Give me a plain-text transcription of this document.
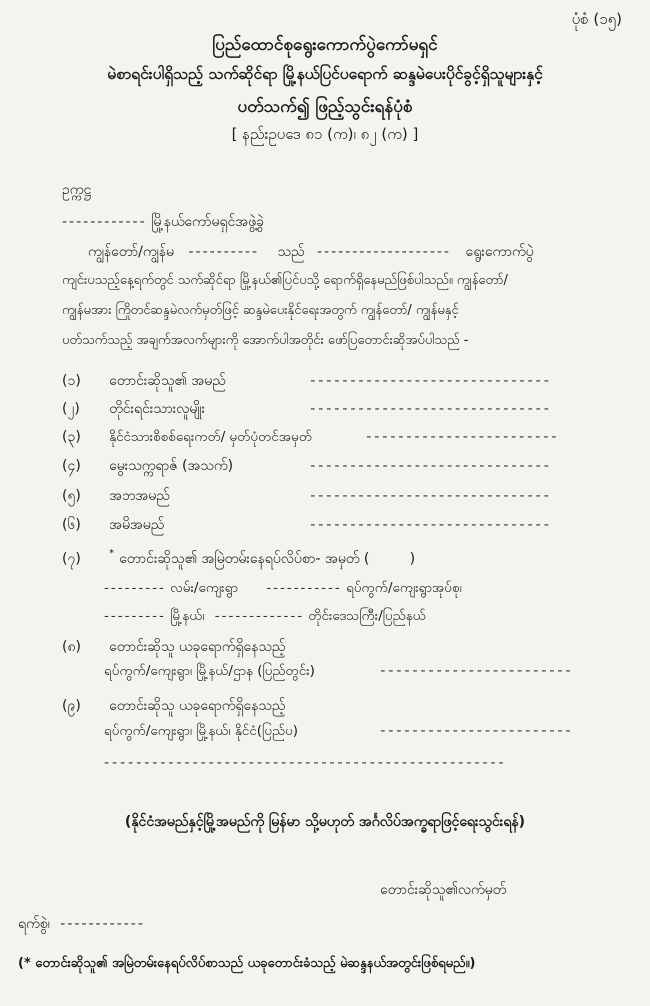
ပုံစံ (၁၅)
ပြည်ထောင်စုရွေးကောက်ပွဲကော်မရှင်
မဲစာရင်းပါရှိသည့် သက်ဆိုင်ရာ မြို့နယ်ပြင်ပရောက် ဆန္ဒမဲပေးပိုင်ခွင့်ရှိသူများနှင့်
ပတ်သက်၍ ဖြည့်သွင်းရန်ပုံစံ
[ နည်းဥပဒေ ၈၁ (က)၊ ၈၂ (က) ]
ဥက္ကဋ္ဌ
------------ မြို့နယ်ကော်မရှင်အဖွဲ့ခွဲ
ကျွန်တော်/ကျွန်မ ---------- သည် ------------------- ရွေးကောက်ပွဲ
ကျင်းပသည့်နေ့ရက်တွင် သက်ဆိုင်ရာ မြို့နယ်၏ပြင်ပသို့ ရောက်ရှိနေမည်ဖြစ်ပါသည်။ ကျွန်တော်/
ကျွန်မအား ကြိုတင်ဆန္ဒမဲလက်မှတ်ဖြင့် ဆန္ဒမဲပေးနိုင်ရေးအတွက် ကျွန်တော်/ ကျွန်မနှင့်
ပတ်သက်သည့် အချက်အလက်များကို အောက်ပါအတိုင်း ဖော်ပြတောင်းဆိုအပ်ပါသည် -
(၁) တောင်းဆိုသူ၏ အမည်	------------------------------
(၂) တိုင်းရင်းသားလူမျိုး	------------------------------
(၃) နိုင်ငံသားစိစစ်ရေးကတ်/ မှတ်ပုံတင်အမှတ်	------------------------
(၄) မွေးသက္ကရာဇ် (အသက်)	------------------------------
(၅) အဘအမည်	------------------------------
(၆) အမိအမည်	------------------------------
(၇)	* တောင်းဆိုသူ၏ အမြဲတမ်းနေရပ်လိပ်စာ- အမှတ် (	)
--------- လမ်း/ကျေးရွာ ----------- ရပ်ကွက်/ကျေးရွာအုပ်စု၊
--------- မြို့နယ်၊ ------------- တိုင်းဒေသကြီး/ပြည်နယ်
(၈) တောင်းဆိုသူ ယခုရောက်ရှိနေသည့်
ရပ်ကွက်/ကျေးရွာ၊ မြို့နယ်/ဌာန (ပြည်တွင်း)	------------------------
(၉) တောင်းဆိုသူ ယခုရောက်ရှိနေသည့်
ရပ်ကွက်/ကျေးရွာ၊ မြို့နယ်၊ နိုင်ငံ(ပြည်ပ)	------------------------
--------------------------------------------------
(နိုင်ငံအမည်နှင့်မြို့အမည်ကို မြန်မာ သို့မဟုတ် အင်္ဂလိပ်အက္ခရာဖြင့်ရေးသွင်းရန်)
တောင်းဆိုသူ၏လက်မှတ်
ရက်စွဲ၊ ------------
(* တောင်းဆိုသူ၏ အမြဲတမ်းနေရပ်လိပ်စာသည် ယခုတောင်းခံသည့် မဲဆန္ဒနယ်အတွင်းဖြစ်ရမည်။)
